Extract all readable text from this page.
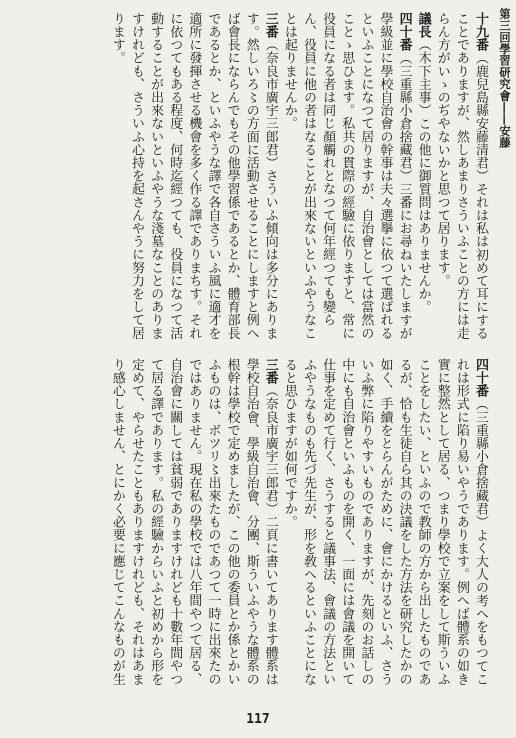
第三回學習研究會――安藤
十九番（鹿兒島縣安藤清君）それは私は初めて耳にすることであ​りますが、然しあまりさういふことの方には走らん方がいゝのぢやないかと思つて居ります。
議長（木下主事）この他に御質問はありませんか。
四十番（三重縣小倉捨藏君）三番にお尋ねいたしますが學級並に學校自治會の幹事は夫々選擧に依つて選ばれるといふことになつて居りますが、自治會としては當然のことゝ思ひます。私共の貫際の經驗に依りますと、常に役員になる者は同じ顏觸れとなつて何年經つても變らん、役員に他の者はなることが出來ないといふやうなことは起りませんか。
三番（奈良市廣宇三郎君）さういふ傾向は多分にあります。然しいろ〻の方面に活動させることにしますと例へば會長にならんでもその他學習係であるとか、體育部長であるとか、といふやうな譯で各自さういふ風に適才を適所に發揮させる機會を多く作る譯でありまちす。それに依つてもある程度、何時迄經つても、役員になつて活動することが出來ないといふやうな淺墓なことのありますけれども、さういふ心持を起さんやうに努力をして居ります。
四十番（三重縣小倉捨藏君）よく大人の考へをもつてこれは形式に陷り易いやうであります。例へば體系の如き實に整然として居る、つまり學校で立案をして斯ういふことをしたい、といふので教師の方から出したものであるが、恰も生徒自ら其の決議をした方法を研究したかの如く、手續をとらんがために、會にかけるといふ、さういふ弊に陷りやすいものでありますが、先刻のお話しの中にも自治會といふものを開く、一面には會議を開いて仕事を定めて行く、さうすると議事法、會議の方法といふやうなものも先づ先生が、形を敎へるといふことになると思ひますが如何ですか。
三番（奈良市廣宇三郎君）二頁に書いてあります體系は學校自治會、學級自治會、分團、斯ういふやうな體系の根幹は學校で定めましたが、この他の委員とか係とかいふものは、ボツリ〻出來たものであつて一時に出來たのではありません。現在私の學校では八年間やつて居る、自治會に關しては貧弱でありますけれども十數年間やつて居る譯であります。私の經驗からいふと初めから形を定めて、やらせたこともありますけれども、それはあまり感心しません、とにかく必要に應じてこんなものが生
117
